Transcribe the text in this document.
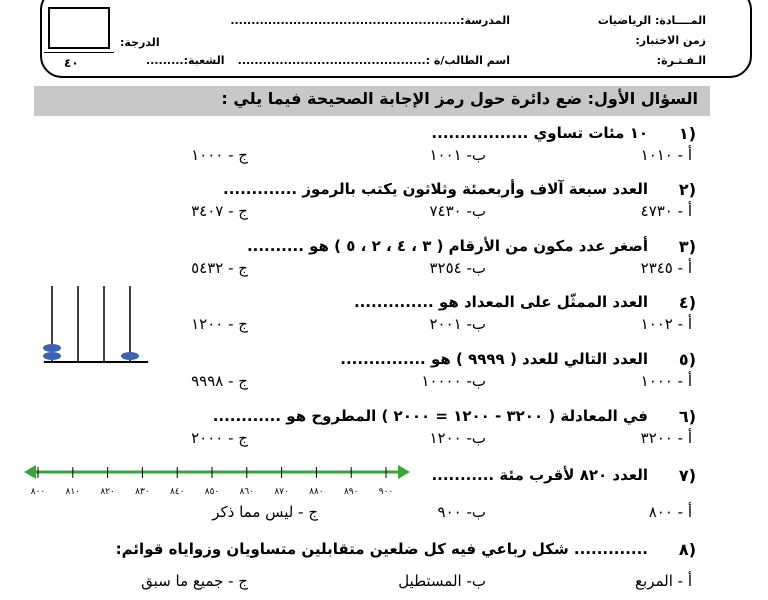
المــــادة: الرياضيات
المدرسة:.......................................................
زمن الاختبار:
الدرجة:
الـفـتـرة:
اسم الطالب/ة :.............................................
الشعبة:.........
٤٠
السؤال الأول: ضع دائرة حول رمز الإجابة الصحيحة فيما يلي :
١)
١٠ مئات تساوي .................
أ - ١٠١٠
ب- ١٠٠١
ج - ١٠٠٠
٢)
العدد سبعة آلاف وأربعمئة وثلاثون يكتب بالرموز .............
أ - ٤٧٣٠
ب- ٧٤٣٠
ج - ٣٤٠٧
٣)
أصغر عدد مكون من الأرقام ( ٣ ، ٤ ، ٢ ، ٥ ) هو ..........
أ - ٢٣٤٥
ب- ٣٢٥٤
ج - ٥٤٣٢
٤)
العدد الممثّل على المعداد هو ..............
أ - ١٠٠٢
ب- ٢٠٠١
ج - ١٢٠٠
٥)
العدد التالي للعدد ( ٩٩٩٩ ) هو ...............
أ - ١٠٠٠
ب- ١٠٠٠٠
ج - ٩٩٩٨
٦)
في المعادلة ( ٣٢٠٠ - ١٢٠٠ = ٢٠٠٠ ) المطروح هو ............
أ - ٣٢٠٠
ب- ١٢٠٠
ج - ٢٠٠٠
٧)
العدد ٨٢٠ لأقرب مئة ...........
أ - ٨٠٠
ب- ٩٠٠
ج - ليس مما ذكر
٨)
............. شكل رباعي فيه كل ضلعين متقابلين متساويان وزواياه قوائم:
أ - المربع
ب- المستطيل
ج - جميع ما سبق
٨٠٠ ٨١٠ ٨٢٠ ٨٣٠ ٨٤٠ ٨٥٠ ٨٦٠ ٨٧٠ ٨٨٠ ٨٩٠ ٩٠٠
